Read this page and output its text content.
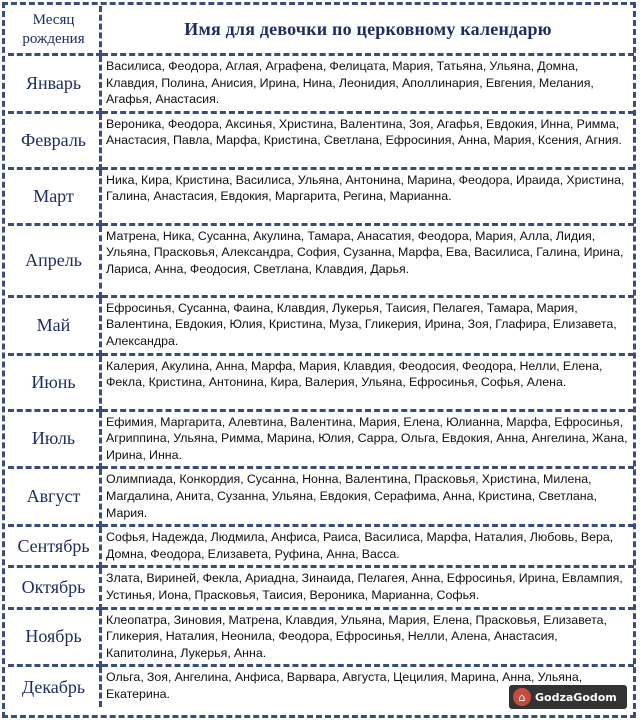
Месяц рождения	Имя для девочки по церковному календарю
Январь	Василиса, Феодора, Аглая, Аграфена, Фелицата, Мария, Татьяна, Ульяна, Домна, Клавдия, Полина, Анисия, Ирина, Нина, Леонидия, Аполлинария, Евгения, Мелания, Агафья, Анастасия.
Февраль	Вероника, Феодора, Аксинья, Христина, Валентина, Зоя, Агафья, Евдокия, Инна, Римма, Анастасия, Павла, Марфа, Кристина, Светлана, Ефросиния, Анна, Мария, Ксения, Агния.
Март	Ника, Кира, Кристина, Василиса, Ульяна, Антонина, Марина, Феодора, Ираида, Христина, Галина, Анастасия, Евдокия, Маргарита, Регина, Марианна.
Апрель	Матрена, Ника, Сусанна, Акулина, Тамара, Анасатия, Феодора, Мария, Алла, Лидия, Ульяна, Прасковья, Александра, София, Сузанна, Марфа, Ева, Василиса, Галина, Ирина, Лариса, Анна, Феодосия, Светлана, Клавдия, Дарья.
Май	Ефросинья, Сусанна, Фаина, Клавдия, Лукерья, Таисия, Пелагея, Тамара, Мария, Валентина, Евдокия, Юлия, Кристина, Муза, Гликерия, Ирина, Зоя, Глафира, Елизавета, Александра.
Июнь	Калерия, Акулина, Анна, Марфа, Мария, Клавдия, Феодосия, Феодора, Нелли, Елена, Фекла, Кристина, Антонина, Кира, Валерия, Ульяна, Ефросинья, Софья, Алена.
Июль	Ефимия, Маргарита, Алевтина, Валентина, Мария, Елена, Юлианна, Марфа, Ефросинья, Агриппина, Ульяна, Римма, Марина, Юлия, Сарра, Ольга, Евдокия, Анна, Ангелина, Жана, Ирина, Инна.
Август	Олимпиада, Конкордия, Сусанна, Нонна, Валентина, Прасковья, Христина, Милена, Магдалина, Анита, Сузанна, Ульяна, Евдокия, Серафима, Анна, Кристина, Светлана, Мария.
Сентябрь	Софья, Надежда, Людмила, Анфиса, Раиса, Василиса, Марфа, Наталия, Любовь, Вера, Домна, Феодора, Елизавета, Руфина, Анна, Васса.
Октябрь	Злата, Вириней, Фекла, Ариадна, Зинаида, Пелагея, Анна, Ефросинья, Ирина, Евлампия, Устинья, Иона, Прасковья, Таисия, Вероника, Марианна, Софья.
Ноябрь	Клеопатра, Зиновия, Матрена, Клавдия, Ульяна, Мария, Елена, Прасковья, Елизавета, Гликерия, Наталия, Неонила, Феодора, Ефросинья, Нелли, Алена, Анастасия, Капитолина, Лукерья, Анна.
Декабрь	Ольга, Зоя, Ангелина, Анфиса, Варвара, Августа, Цецилия, Марина, Анна, Ульяна, Екатерина.	⌂ GodzaGodom
